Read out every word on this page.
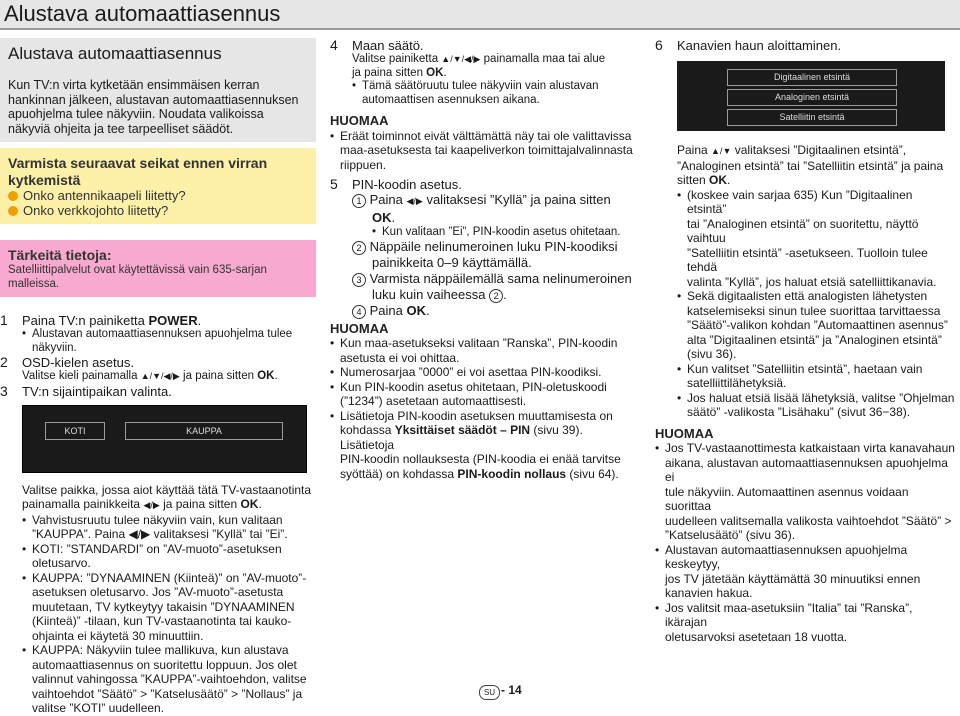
Alustava automaattiasennus
Alustava automaattiasennus
Kun TV:n virta kytketään ensimmäisen kerran
hankinnan jälkeen, alustavan automaattiasennuksen
apuohjelma tulee näkyviin. Noudata valikoissa
näkyviä ohjeita ja tee tarpeelliset säädöt.
Varmista seuraavat seikat ennen virran
kytkemistä
Onko antennikaapeli liitetty?
Onko verkkojohto liitetty?
Tärkeitä tietoja:
Satelliittipalvelut ovat käytettävissä vain 635-sarjan
malleissa.
1 Paina TV:n painiketta POWER.
• Alustavan automaattiasennuksen apuohjelma tulee
näkyviin.
2 OSD-kielen asetus.
Valitse kieli painamalla ▲/▼/◀/▶ ja paina sitten OK.
3 TV:n sijaintipaikan valinta.
KOTI	KAUPPA
Valitse paikka, jossa aiot käyttää tätä TV-vastaanotinta
painamalla painikkeita ◀/▶ ja paina sitten OK.
• Vahvistusruutu tulee näkyviin vain, kun valitaan
”KAUPPA”. Paina ◀/▶ valitaksesi ”Kyllä” tai ”Ei”.
• KOTI: ”STANDARDI” on ”AV-muoto”-asetuksen
oletusarvo.
• KAUPPA: ”DYNAAMINEN (Kiinteä)” on ”AV-muoto”-
asetuksen oletusarvo. Jos ”AV-muoto”-asetusta
muutetaan, TV kytkeytyy takaisin ”DYNAAMINEN
(Kiinteä)” -tilaan, kun TV-vastaanotinta tai kauko-
ohjainta ei käytetä 30 minuuttiin.
• KAUPPA: Näkyviin tulee mallikuva, kun alustava
automaattiasennus on suoritettu loppuun. Jos olet
valinnut vahingossa ”KAUPPA”-vaihtoehdon, valitse
vaihtoehdot ”Säätö” > ”Katselusäätö” > ”Nollaus” ja
valitse ”KOTI” uudelleen.
4 Maan säätö.
Valitse painiketta ▲/▼/◀/▶ painamalla maa tai alue
ja paina sitten OK.
• Tämä säätöruutu tulee näkyviin vain alustavan
automaattisen asennuksen aikana.
HUOMAA
• Eräät toiminnot eivät välttämättä näy tai ole valittavissa
maa-asetuksesta tai kaapeliverkon toimittajalvalinnasta
riippuen.
5 PIN-koodin asetus.
1 Paina ◀/▶ valitaksesi ”Kyllä” ja paina sitten
OK.
• Kun valitaan ”Ei”, PIN-koodin asetus ohitetaan.
2 Näppäile nelinumeroinen luku PIN-koodiksi
painikkeita 0–9 käyttämällä.
3 Varmista näppäilemällä sama nelinumeroinen
luku kuin vaiheessa 2 .
4 Paina OK.
HUOMAA
• Kun maa-asetukseksi valitaan ”Ranska”, PIN-koodin
asetusta ei voi ohittaa.
• Numerosarjaa ”0000” ei voi asettaa PIN-koodiksi.
• Kun PIN-koodin asetus ohitetaan, PIN-oletuskoodi
(”1234”) asetetaan automaattisesti.
• Lisätietoja PIN-koodin asetuksen muuttamisesta on
kohdassa Yksittäiset säädöt – PIN (sivu 39). Lisätietoja
PIN-koodin nollauksesta (PIN-koodia ei enää tarvitse
syöttää) on kohdassa PIN-koodin nollaus (sivu 64).
6 Kanavien haun aloittaminen.
Digitaalinen etsintä
Analoginen etsintä
Satelliitin etsintä
Paina ▲/▼ valitaksesi ”Digitaalinen etsintä”,
”Analoginen etsintä” tai ”Satelliitin etsintä” ja paina
sitten OK.
• (koskee vain sarjaa 635) Kun ”Digitaalinen etsintä”
tai ”Analoginen etsintä” on suoritettu, näyttö vaihtuu
”Satelliitin etsintä” -asetukseen. Tuolloin tulee tehdä
valinta ”Kyllä”, jos haluat etsiä satelliittikanavia.
• Sekä digitaalisten että analogisten lähetysten
katselemiseksi sinun tulee suorittaa tarvittaessa
”Säätö”-valikon kohdan ”Automaattinen asennus”
alta ”Digitaalinen etsintä” ja ”Analoginen etsintä”
(sivu 36).
• Kun valitset ”Satelliitin etsintä”, haetaan vain
satelliittilähetyksiä.
• Jos haluat etsiä lisää lähetyksiä, valitse ”Ohjelman
säätö” -valikosta ”Lisähaku” (sivut 36−38).
HUOMAA
• Jos TV-vastaanottimesta katkaistaan virta kanavahaun
aikana, alustavan automaattiasennuksen apuohjelma ei
tule näkyviin. Automaattinen asennus voidaan suorittaa
uudelleen valitsemalla valikosta vaihtoehdot ”Säätö” >
”Katselusäätö” (sivu 36).
• Alustavan automaattiasennuksen apuohjelma keskeytyy,
jos TV jätetään käyttämättä 30 minuutiksi ennen
kanavien hakua.
• Jos valitsit maa-asetuksiin ”Italia” tai ”Ranska”, ikärajan
oletusarvoksi asetetaan 18 vuotta.
SU - 14
